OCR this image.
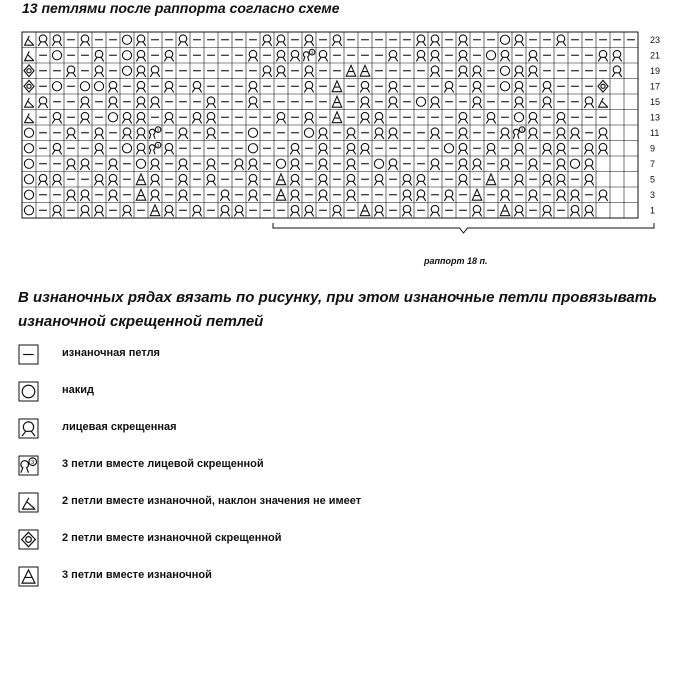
13 петлями после раппорта согласно схеме
3
3	3
3
23
21
19
17
15
13
11
9
7
5
3
1
раппорт 18 п.

В изнаночных рядах вязать по рисунку, при этом изнаночные петли провязывать изнаночной скрещенной петлей

изнаночная петля
накид
лицевая скрещенная
3	3 петли вместе лицевой скрещенной
2 петли вместе изнаночной, наклон значения не имеет
2 петли вместе изнаночной скрещенной
3 петли вместе изнаночной
